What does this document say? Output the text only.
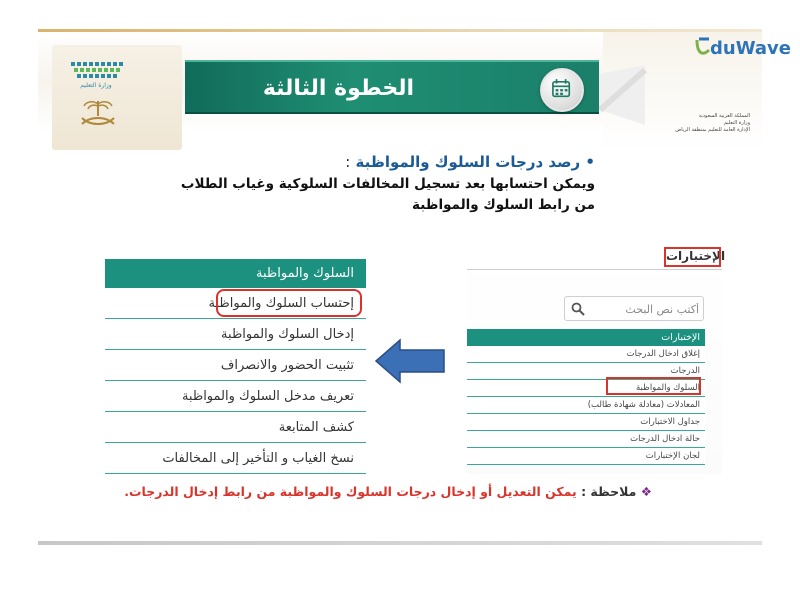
وزارة التعليم	الخطوة الثالثة
duWave
المملكة العربية السعودية
وزارة التعليم
الإدارة العامة للتعليم بمنطقة الرياض
• رصد درجات السلوك والمواظبة :
ويمكن احتسابها بعد تسجيل المخالفات السلوكية وغياب الطلاب من رابط السلوك والمواظبة
السلوك والمواظبة
إحتساب السلوك والمواظبة
إدخال السلوك والمواظبة
تثبيت الحضور والانصراف
تعريف مدخل السلوك والمواظبة
كشف المتابعة
نسخ الغياب و التأخير إلى المخالفات
الإختبارات
أكتب نص البحث
الإختبارات
إغلاق ادخال الدرجات
الدرجات
السلوك والمواظبة
المعادلات (معادلة شهادة طالب)
جداول الاختبارات
حالة ادخال الدرجات
لجان الإختبارات
❖ ملاحظة : يمكن التعديل أو إدخال درجات السلوك والمواظبة من رابط إدخال الدرجات.
